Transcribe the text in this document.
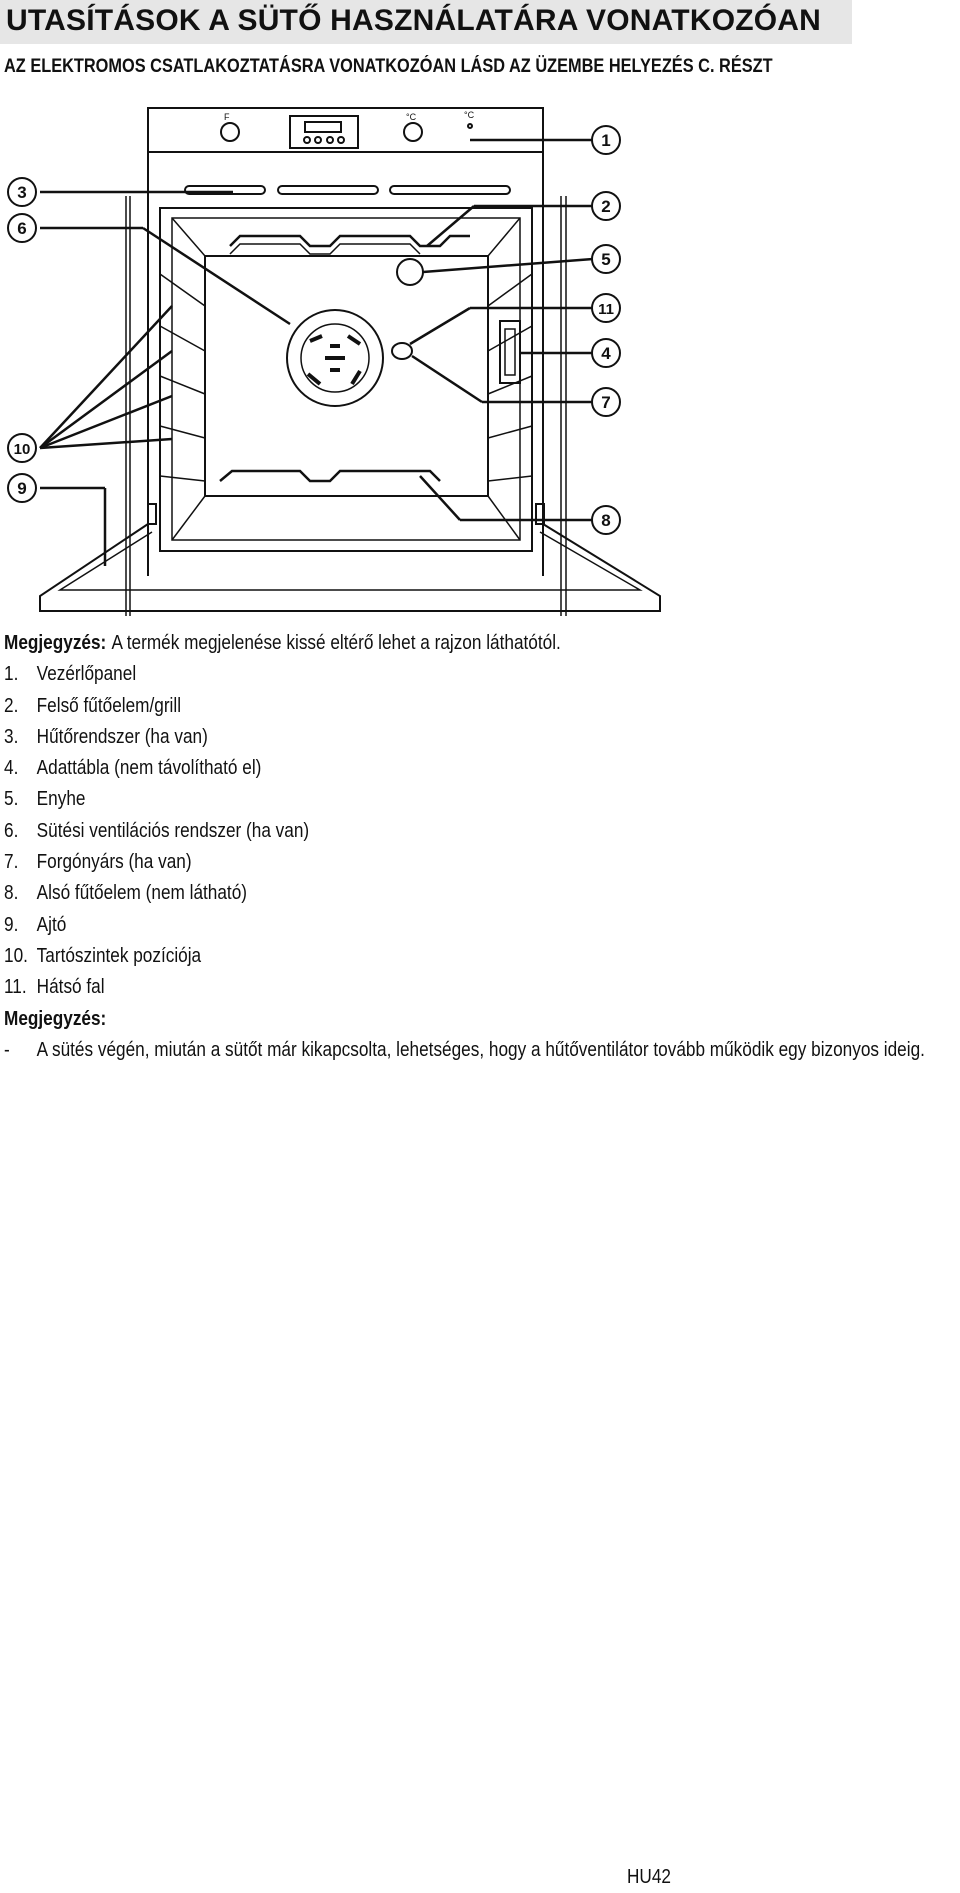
UTASÍTÁSOK A SÜTŐ HASZNÁLATÁRA VONATKOZÓAN
AZ ELEKTROMOS CSATLAKOZTATÁSRA VONATKOZÓAN LÁSD AZ ÜZEMBE HELYEZÉS C. RÉSZT
F	°C	°C
1
2
3
4
5
6
7
8
9
10
11
Megjegyzés: A termék megjelenése kissé eltérő lehet a rajzon láthatótól.
1. Vezérlőpanel
2. Felső fűtőelem/grill
3. Hűtőrendszer (ha van)
4. Adattábla (nem távolítható el)
5. Enyhe
6. Sütési ventilációs rendszer (ha van)
7. Forgónyárs (ha van)
8. Alsó fűtőelem (nem látható)
9. Ajtó
10. Tartószintek pozíciója
11. Hátsó fal
Megjegyzés:
- A sütés végén, miután a sütőt már kikapcsolta, lehetséges, hogy a hűtőventilátor tovább működik egy bizonyos ideig.
HU42
